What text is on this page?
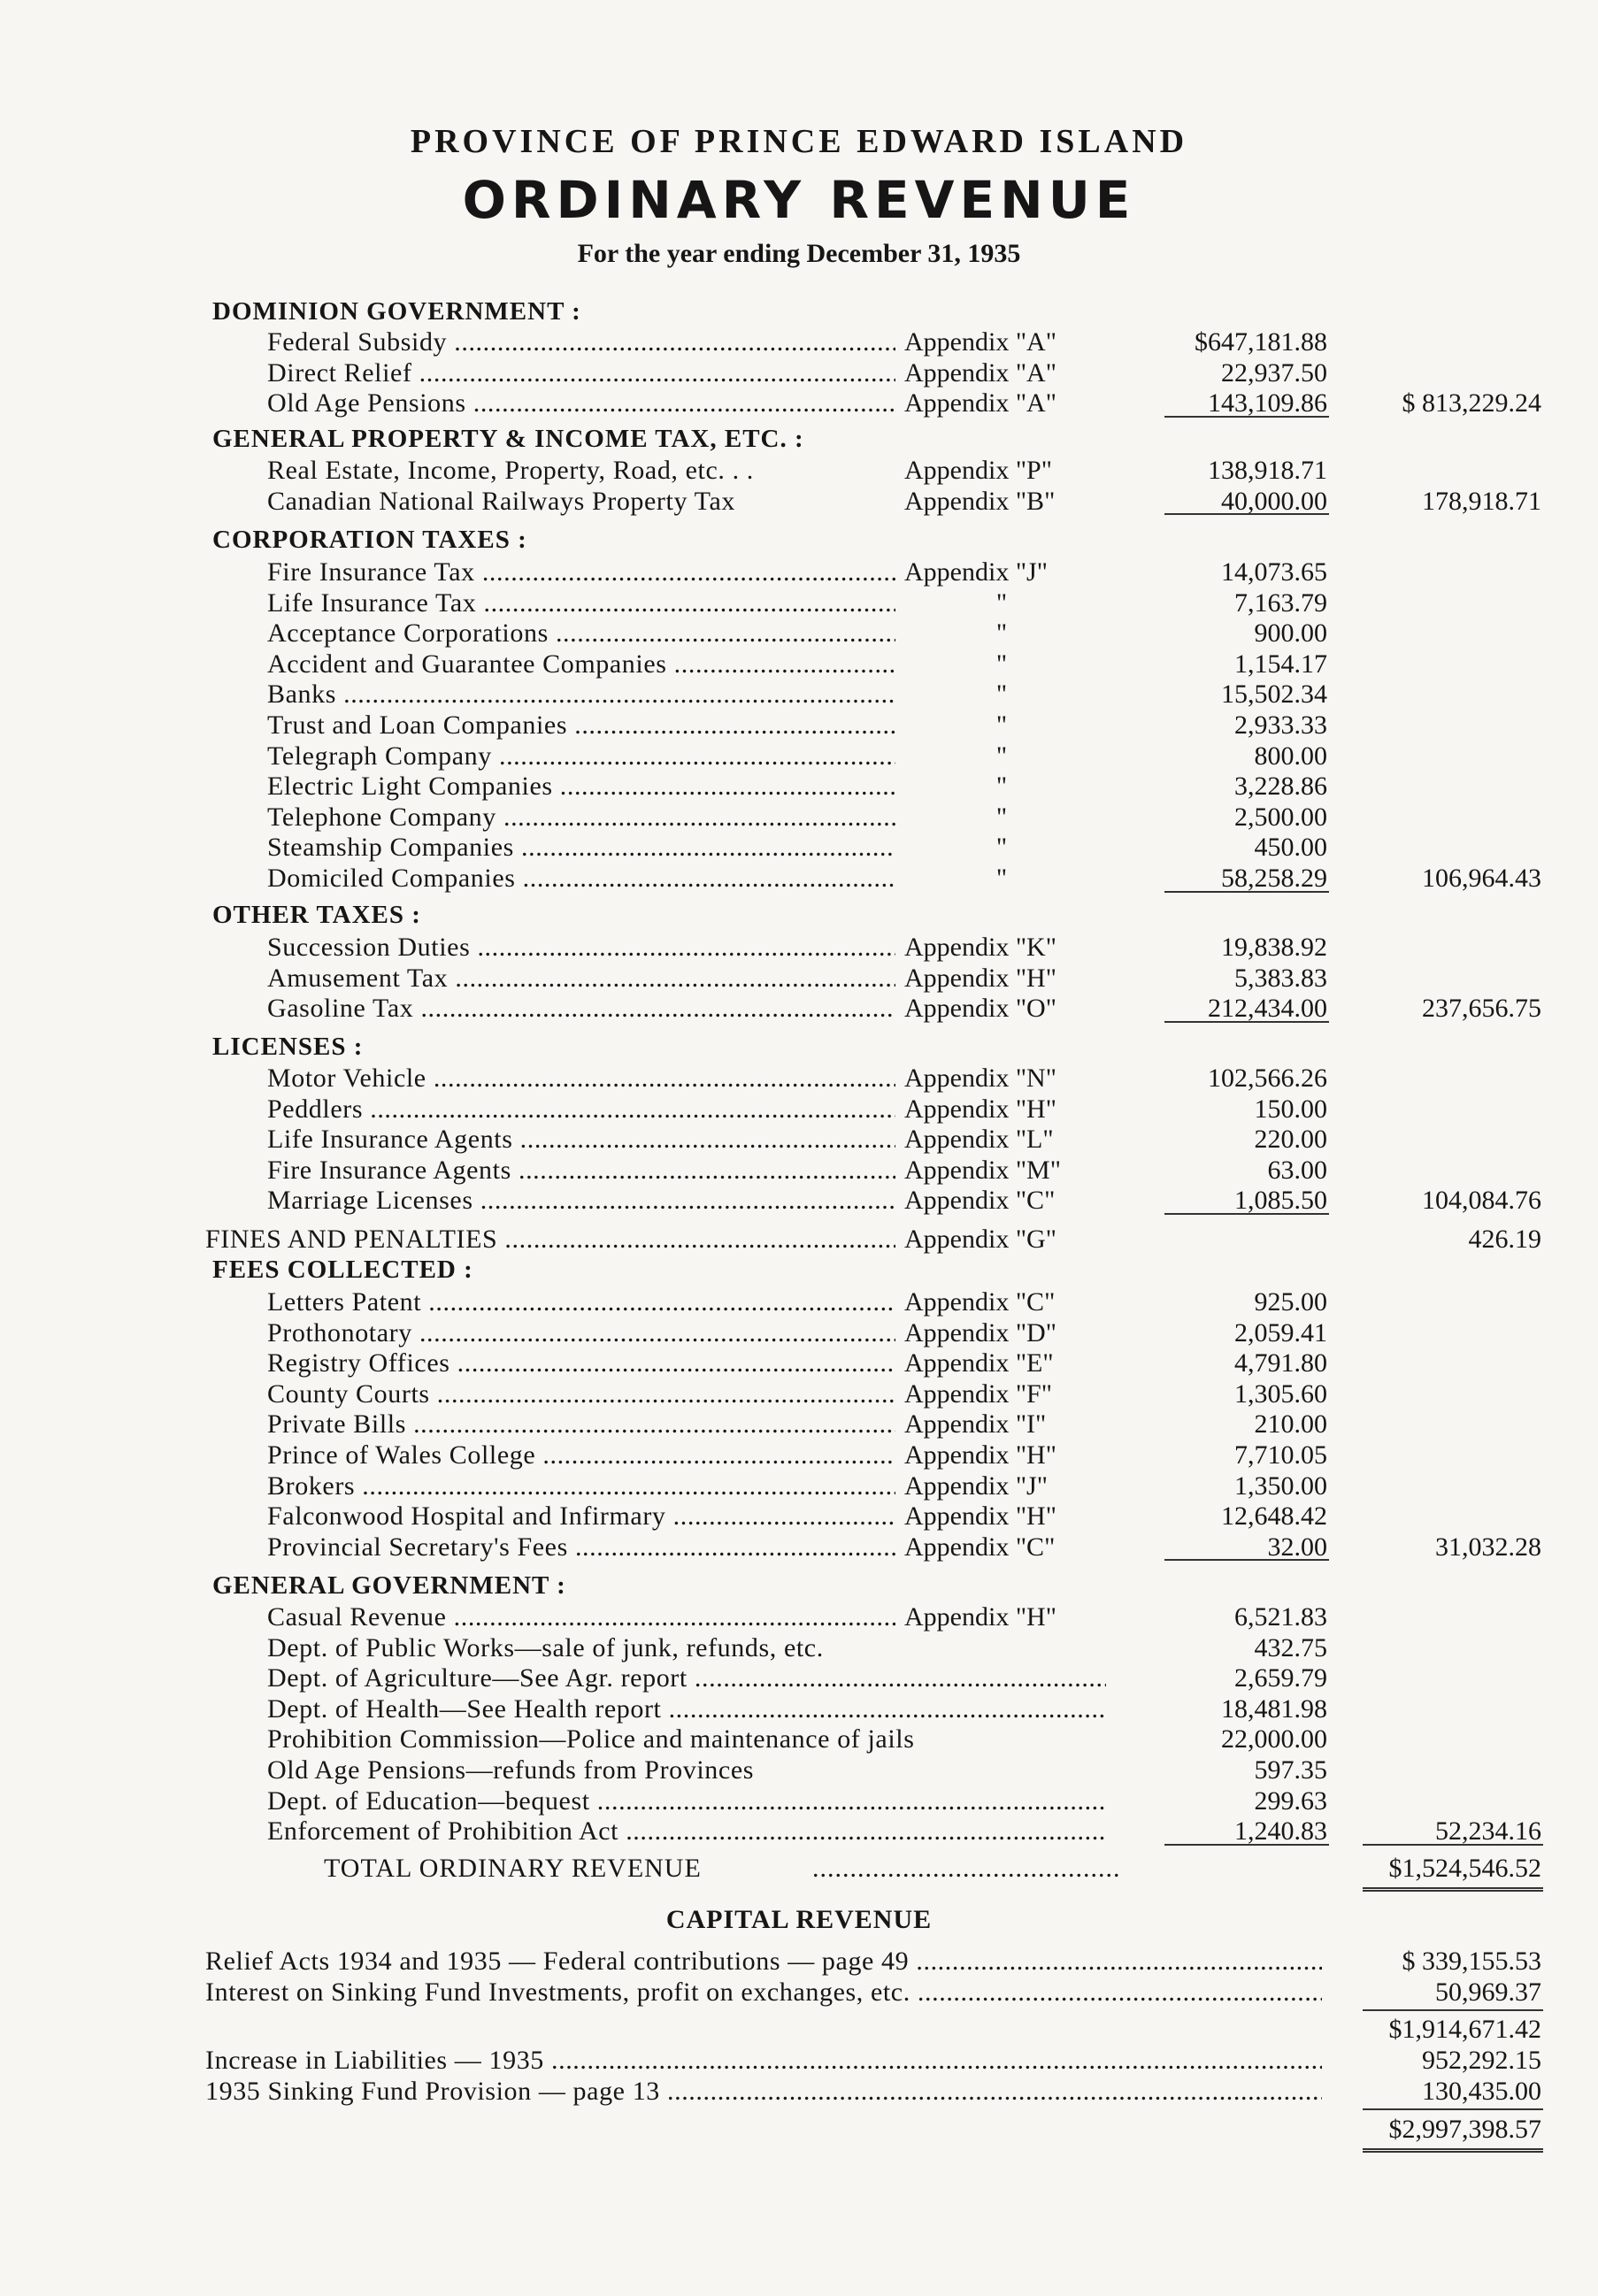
PROVINCE OF PRINCE EDWARD ISLAND
ORDINARY REVENUE

For the year ending December 31, 1935

DOMINION GOVERNMENT :
Federal Subsidy .....	Appendix "A"	$647,181.88
Direct Relief .....	Appendix "A"	22,937.50
Old Age Pensions .....	Appendix "A"	143,109.86	$ 813,229.24
GENERAL PROPERTY & INCOME TAX, ETC. :
Real Estate, Income, Property, Road, etc. . .	Appendix "P"	138,918.71
Canadian National Railways Property Tax	Appendix "B"	40,000.00	178,918.71
CORPORATION TAXES :
Fire Insurance Tax .....	Appendix "J"	14,073.65
Life Insurance Tax .....	"	7,163.79
Acceptance Corporations .....	"	900.00
Accident and Guarantee Companies .....	"	1,154.17
Banks .....	"	15,502.34
Trust and Loan Companies .....	"	2,933.33
Telegraph Company .....	"	800.00
Electric Light Companies .....	"	3,228.86
Telephone Company .....	"	2,500.00
Steamship Companies .....	"	450.00
Domiciled Companies .....	"	58,258.29	106,964.43
OTHER TAXES :
Succession Duties .....	Appendix "K"	19,838.92
Amusement Tax .....	Appendix "H"	5,383.83
Gasoline Tax .....	Appendix "O"	212,434.00	237,656.75
LICENSES :
Motor Vehicle .....	Appendix "N"	102,566.26
Peddlers .....	Appendix "H"	150.00
Life Insurance Agents .....	Appendix "L"	220.00
Fire Insurance Agents .....	Appendix "M"	63.00
Marriage Licenses .....	Appendix "C"	1,085.50	104,084.76
FINES AND PENALTIES .....	Appendix "G"	426.19
FEES COLLECTED :
Letters Patent .....	Appendix "C"	925.00
Prothonotary .....	Appendix "D"	2,059.41
Registry Offices .....	Appendix "E"	4,791.80
County Courts .....	Appendix "F"	1,305.60
Private Bills .....	Appendix "I"	210.00
Prince of Wales College .....	Appendix "H"	7,710.05
Brokers .....	Appendix "J"	1,350.00
Falconwood Hospital and Infirmary .....	Appendix "H"	12,648.42
Provincial Secretary's Fees .....	Appendix "C"	32.00	31,032.28
GENERAL GOVERNMENT :
Casual Revenue .....	Appendix "H"	6,521.83
Dept. of Public Works—sale of junk, refunds, etc.	432.75
Dept. of Agriculture—See Agr. report .....	2,659.79
Dept. of Health—See Health report .....	18,481.98
Prohibition Commission—Police and maintenance of jails	22,000.00
Old Age Pensions—refunds from Provinces	597.35
Dept. of Education—bequest .....	299.63
Enforcement of Prohibition Act .....	1,240.83	52,234.16
TOTAL ORDINARY REVENUE	.........................................	$1,524,546.52
CAPITAL REVENUE
Relief Acts 1934 and 1935 — Federal contributions — page 49 .....	$ 339,155.53
Interest on Sinking Fund Investments, profit on exchanges, etc. .....	50,969.37
$1,914,671.42
Increase in Liabilities — 1935 .....	952,292.15
1935 Sinking Fund Provision — page 13 .....	130,435.00
$2,997,398.57
